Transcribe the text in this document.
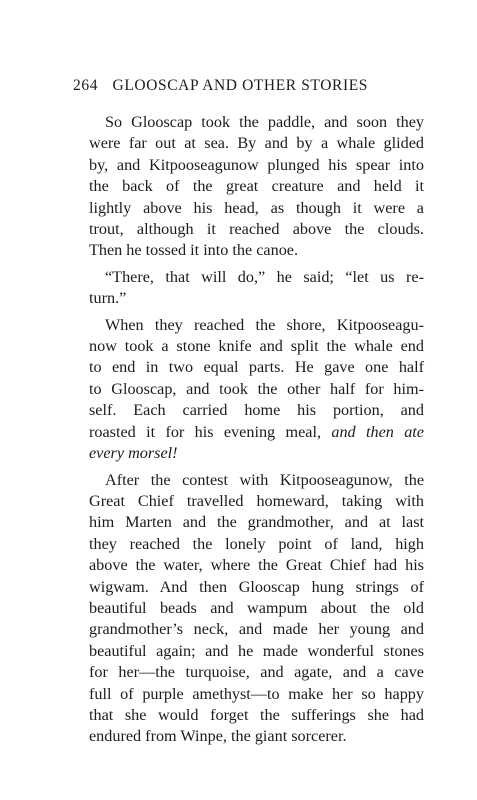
264 GLOOSCAP AND OTHER STORIES

So Glooscap took the paddle, and soon they
were far out at sea. By and by a whale glided
by, and Kitpooseagunow plunged his spear into
the back of the great creature and held it
lightly above his head, as though it were a
trout, although it reached above the clouds.
Then he tossed it into the canoe.

“There, that will do,” he said; “let us re-
turn.”

When they reached the shore, Kitpooseagu-
now took a stone knife and split the whale end
to end in two equal parts. He gave one half
to Glooscap, and took the other half for him-
self. Each carried home his portion, and
roasted it for his evening meal, and then ate
every morsel!

After the contest with Kitpooseagunow, the
Great Chief travelled homeward, taking with
him Marten and the grandmother, and at last
they reached the lonely point of land, high
above the water, where the Great Chief had his
wigwam. And then Glooscap hung strings of
beautiful beads and wampum about the old
grandmother’s neck, and made her young and
beautiful again; and he made wonderful stones
for her—the turquoise, and agate, and a cave
full of purple amethyst—to make her so happy
that she would forget the sufferings she had
endured from Winpe, the giant sorcerer.
